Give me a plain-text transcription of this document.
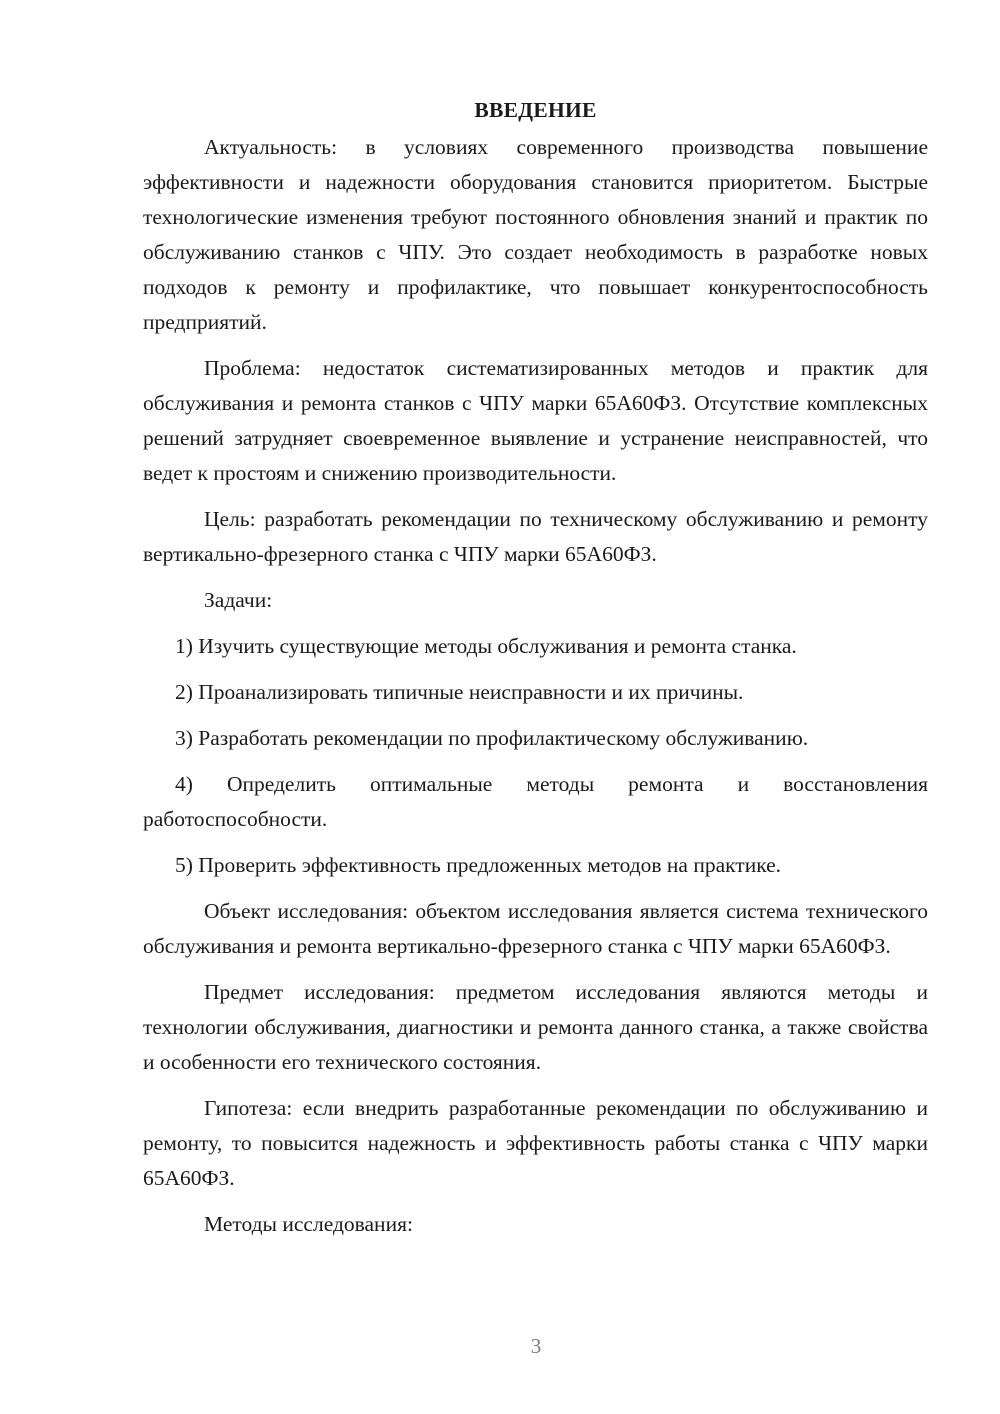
ВВЕДЕНИЕ

Актуальность: в условиях современного производства повышение эффективности и надежности оборудования становится приоритетом. Быстрые технологические изменения требуют постоянного обновления знаний и практик по обслуживанию станков с ЧПУ. Это создает необходимость в разработке новых подходов к ремонту и профилактике, что повышает конкурентоспособность предприятий.

Проблема: недостаток систематизированных методов и практик для обслуживания и ремонта станков с ЧПУ марки 65А60ФЗ. Отсутствие комплексных решений затрудняет своевременное выявление и устранение неисправностей, что ведет к простоям и снижению производительности.

Цель: разработать рекомендации по техническому обслуживанию и ремонту вертикально-фрезерного станка с ЧПУ марки 65А60ФЗ.

Задачи:

1) Изучить существующие методы обслуживания и ремонта станка.

2) Проанализировать типичные неисправности и их причины.

3) Разработать рекомендации по профилактическому обслуживанию.

4) Определить оптимальные методы ремонта и восстановления работоспособности.

5) Проверить эффективность предложенных методов на практике.

Объект исследования: объектом исследования является система технического обслуживания и ремонта вертикально-фрезерного станка с ЧПУ марки 65А60ФЗ.

Предмет исследования: предметом исследования являются методы и технологии обслуживания, диагностики и ремонта данного станка, а также свойства и особенности его технического состояния.

Гипотеза: если внедрить разработанные рекомендации по обслуживанию и ремонту, то повысится надежность и эффективность работы станка с ЧПУ марки 65А60ФЗ.

Методы исследования:

3
